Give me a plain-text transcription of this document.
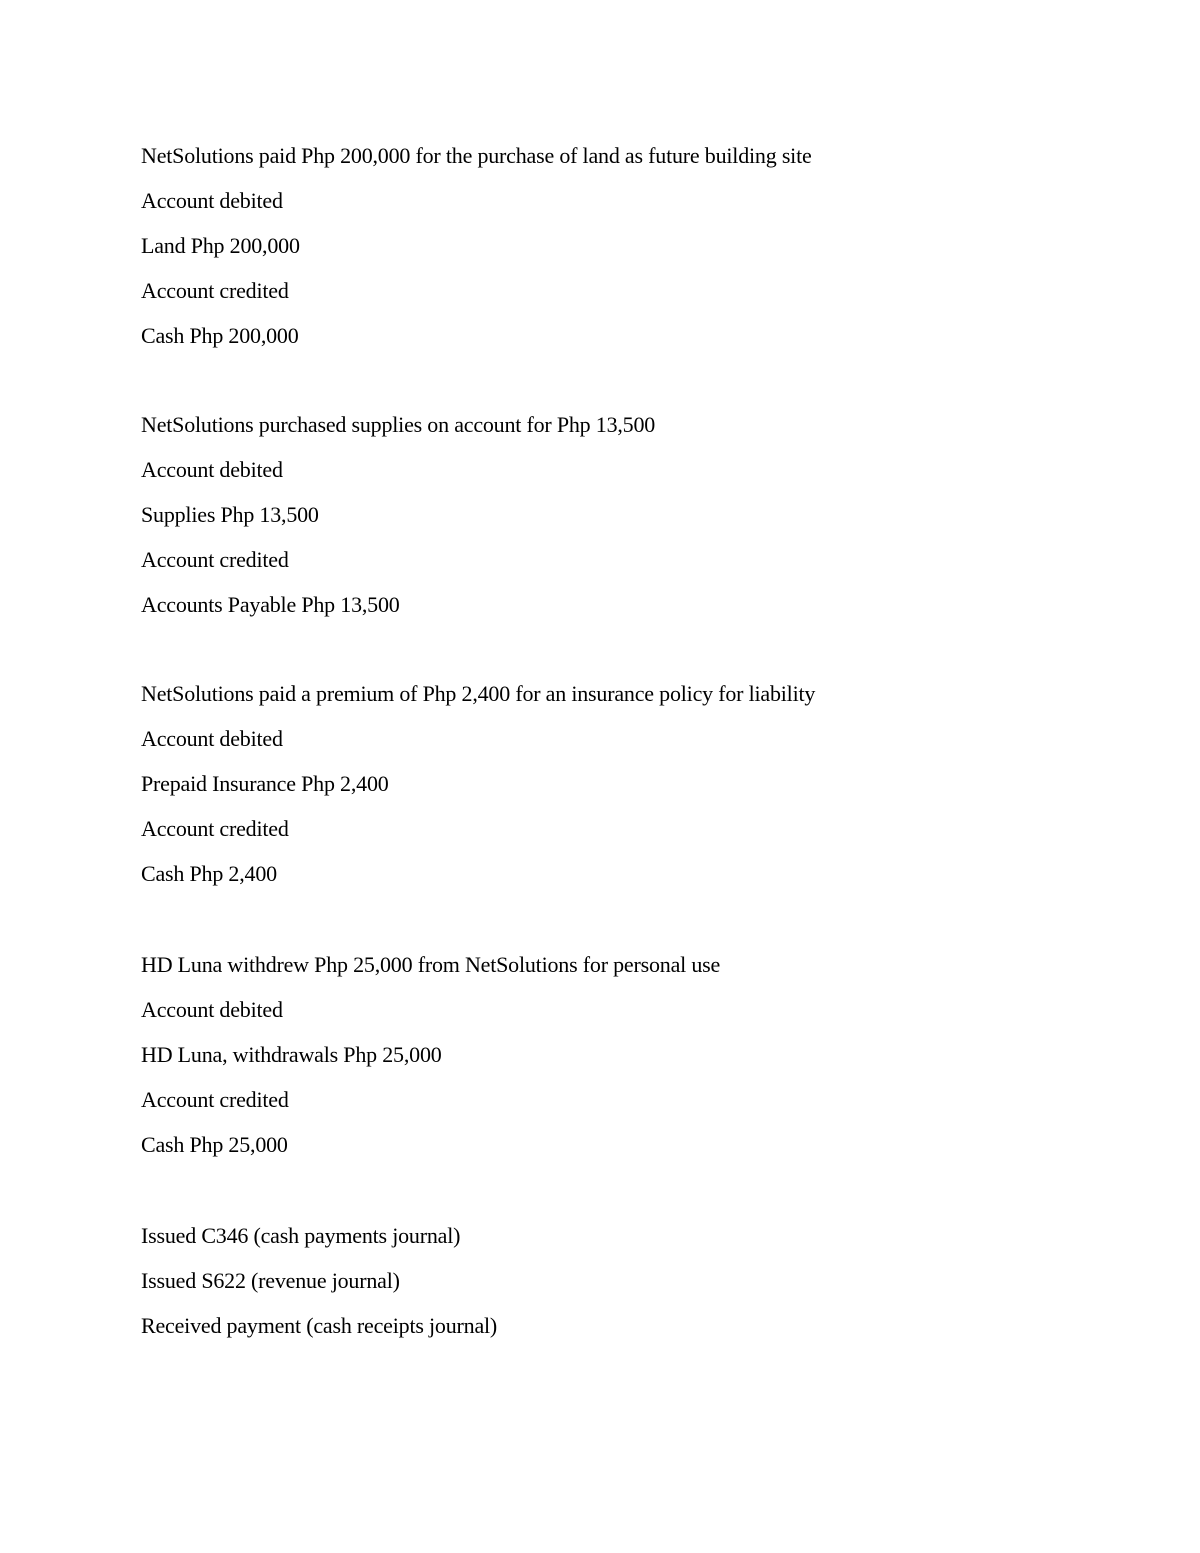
NetSolutions paid Php 200,000 for the purchase of land as future building site
Account debited
Land Php 200,000
Account credited
Cash Php 200,000
NetSolutions purchased supplies on account for Php 13,500
Account debited
Supplies Php 13,500
Account credited
Accounts Payable Php 13,500
NetSolutions paid a premium of Php 2,400 for an insurance policy for liability
Account debited
Prepaid Insurance Php 2,400
Account credited
Cash Php 2,400
HD Luna withdrew Php 25,000 from NetSolutions for personal use
Account debited
HD Luna, withdrawals Php 25,000
Account credited
Cash Php 25,000
Issued C346 (cash payments journal)
Issued S622 (revenue journal)
Received payment (cash receipts journal)
